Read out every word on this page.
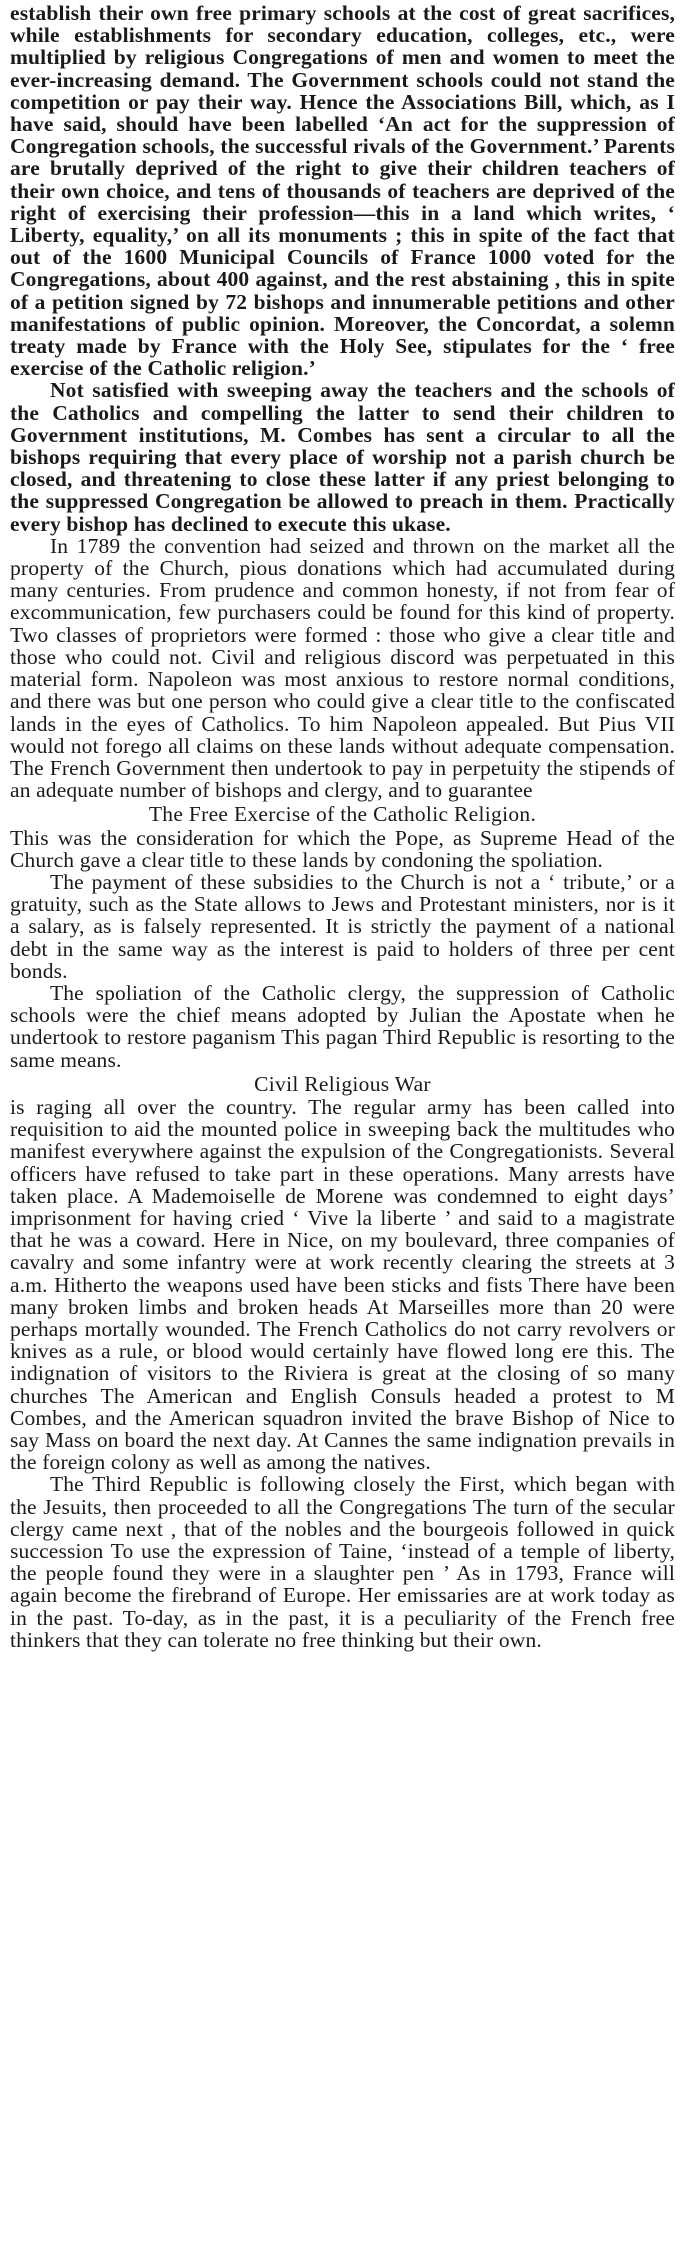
establish their own free primary schools at the cost of great sacrifices, while establishments for secondary education, colleges, etc., were multiplied by religious Congregations of men and women to meet the ever-increasing demand. The Government schools could not stand the competition or pay their way. Hence the Associations Bill, which, as I have said, should have been labelled ‘An act for the suppression of Congregation schools, the successful rivals of the Government.’ Parents are brutally deprived of the right to give their children teachers of their own choice, and tens of thousands of teachers are deprived of the right of exercising their profession—this in a land which writes, ‘ Liberty, equality,’ on all its monuments ; this in spite of the fact that out of the 1600 Municipal Councils of France 1000 voted for the Congregations, about 400 against, and the rest abstaining , this in spite of a petition signed by 72 bishops and innumerable petitions and other manifestations of public opinion. Moreover, the Concordat, a solemn treaty made by France with the Holy See, stipulates for the ‘ free exercise of the Catholic religion.’

Not satisfied with sweeping away the teachers and the schools of the Catholics and compelling the latter to send their children to Government institutions, M. Combes has sent a circular to all the bishops requiring that every place of worship not a parish church be closed, and threatening to close these latter if any priest belonging to the suppressed Congregation be allowed to preach in them. Practically every bishop has declined to execute this ukase.

In 1789 the convention had seized and thrown on the market all the property of the Church, pious donations which had accumulated during many centuries. From prudence and common honesty, if not from fear of excommunication, few purchasers could be found for this kind of property. Two classes of proprietors were formed : those who give a clear title and those who could not. Civil and religious discord was perpetuated in this material form. Napoleon was most anxious to restore normal conditions, and there was but one person who could give a clear title to the confiscated lands in the eyes of Catholics. To him Napoleon appealed. But Pius VII would not forego all claims on these lands without adequate compensation. The French Government then undertook to pay in perpetuity the stipends of an adequate number of bishops and clergy, and to guarantee

The Free Exercise of the Catholic Religion.

This was the consideration for which the Pope, as Supreme Head of the Church gave a clear title to these lands by condoning the spoliation.

The payment of these subsidies to the Church is not a ‘ tribute,’ or a gratuity, such as the State allows to Jews and Protestant ministers, nor is it a salary, as is falsely represented. It is strictly the payment of a national debt in the same way as the interest is paid to holders of three per cent bonds.

The spoliation of the Catholic clergy, the suppression of Catholic schools were the chief means adopted by Julian the Apostate when he undertook to restore paganism This pagan Third Republic is resorting to the same means.

Civil Religious War

is raging all over the country. The regular army has been called into requisition to aid the mounted police in sweeping back the multitudes who manifest everywhere against the expulsion of the Congregationists. Several officers have refused to take part in these operations. Many arrests have taken place. A Mademoiselle de Morene was condemned to eight days’ imprisonment for having cried ‘ Vive la liberte ’ and said to a magistrate that he was a coward. Here in Nice, on my boulevard, three companies of cavalry and some infantry were at work recently clearing the streets at 3 a.m. Hitherto the weapons used have been sticks and fists There have been many broken limbs and broken heads At Marseilles more than 20 were perhaps mortally wounded. The French Catholics do not carry revolvers or knives as a rule, or blood would certainly have flowed long ere this. The indignation of visitors to the Riviera is great at the closing of so many churches The American and English Consuls headed a protest to M Combes, and the American squadron invited the brave Bishop of Nice to say Mass on board the next day. At Cannes the same indignation prevails in the foreign colony as well as among the natives.

The Third Republic is following closely the First, which began with the Jesuits, then proceeded to all the Congregations The turn of the secular clergy came next , that of the nobles and the bourgeois followed in quick succession To use the expression of Taine, ‘instead of a temple of liberty, the people found they were in a slaughter pen ’ As in 1793, France will again become the firebrand of Europe. Her emissaries are at work today as in the past. To-day, as in the past, it is a peculiarity of the French free thinkers that they can tolerate no free thinking but their own.
